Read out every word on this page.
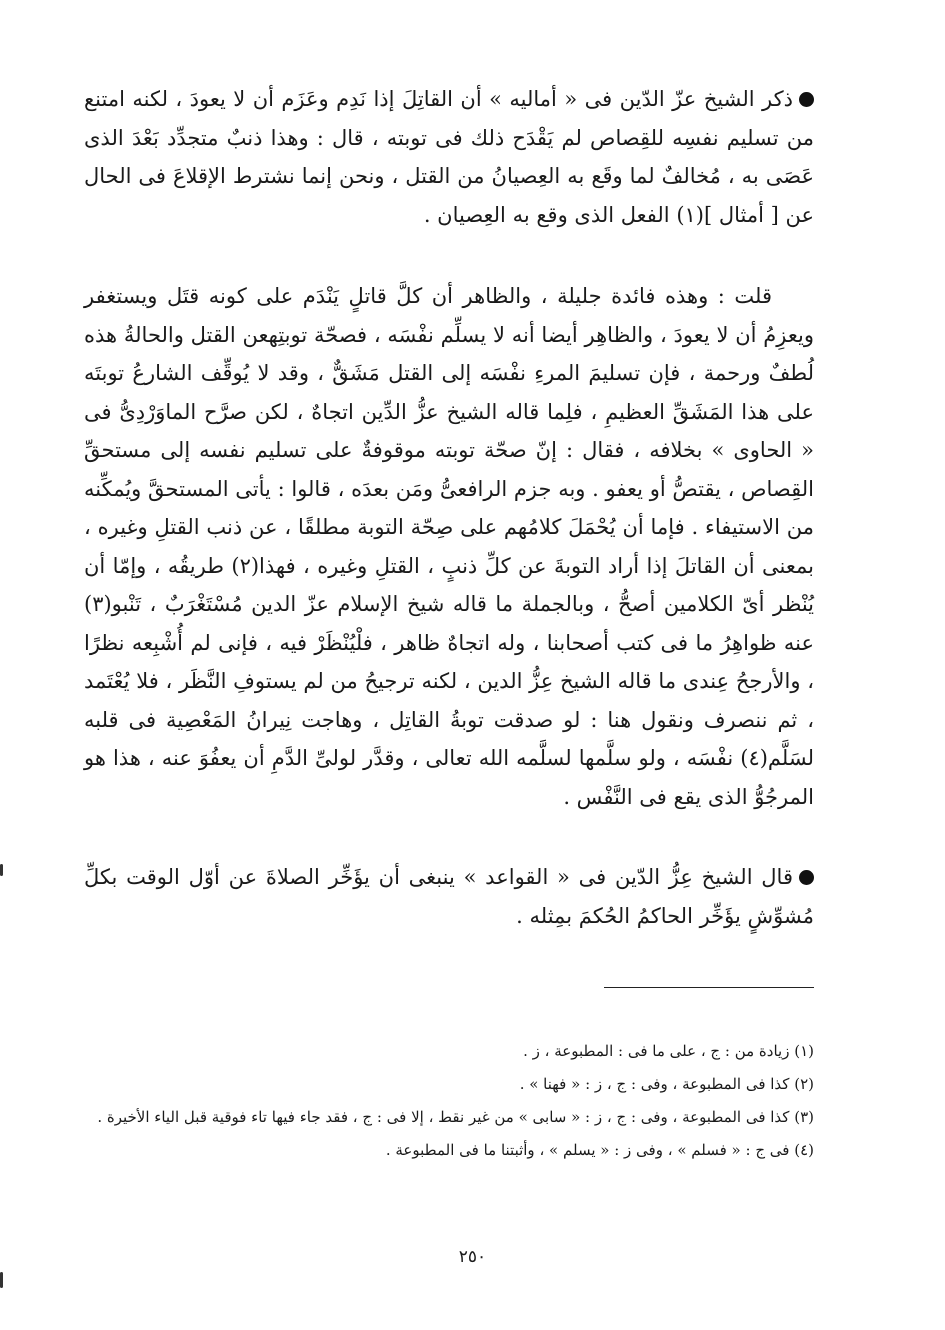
ذكر الشيخ عزّ الدّين فى « أماليه » أن القاتِلَ إذا نَدِم وعَزَم أن لا يعودَ ، لكنه امتنع من تسليم نفسِه للقِصاص لم يَقْدَح ذلك فى توبته ، قال : وهذا ذنبٌ متجدِّد بَعْدَ الذى عَصَى به ، مُخالفٌ لما وقَع به العِصيانُ من القتل ، ونحن إنما نشترط الإقلاعَ فى الحال عن [ أمثال ](١) الفعل الذى وقع به العِصيان .

قلت : وهذه فائدة جليلة ، والظاهر أن كلَّ قاتلٍ يَنْدَم على كونه قتَل ويستغفر ويعزِمُ أن لا يعودَ ، والظاهِر أيضا أنه لا يسلِّم نفْسَه ، فصحّة توبتِهعن القتل والحالةُ هذه لُطفٌ ورحمة ، فإن تسليمَ المرءِ نفْسَه إلى القتل مَشَقٌّ ، وقد لا يُوقِّف الشارعُ توبتَه على هذا المَشَقِّ العظيمِ ، فلِما قاله الشيخ عزُّ الدِّين اتجاهٌ ، لكن صرَّح الماوَرْدِىُّ فى « الحاوى » بخلافه ، فقال : إنّ صحّة توبته موقوفةٌ على تسليم نفسه إلى مستحقِّ القِصاص ، يقتصُّ أو يعفو . وبه جزم الرافعىُّ ومَن بعدَه ، قالوا : يأتى المستحقَّ ويُمكِّنه من الاستيفاء . فإما أن يُحْمَلَ كلامُهم على صِحّة التوبة مطلقًا ، عن ذنب القتلِ وغيره ، بمعنى أن القاتلَ إذا أراد التوبةَ عن كلِّ ذنبٍ ، القتلِ وغيره ، فهذا(٢) طريقُه ، وإمّا أن يُنْظر أىّ الكلامين أصحُّ ، وبالجملة ما قاله شيخ الإسلام عزّ الدين مُسْتَغْرَبٌ ، تَنْبو(٣) عنه ظواهِرُ ما فى كتب أصحابنا ، وله اتجاهٌ ظاهر ، فلْيُنْظَرْ فيه ، فإنى لم أُشْبِعه نظرًا ، والأرجحُ عِندى ما قاله الشيخ عِزُّ الدين ، لكنه ترجيحُ من لم يستوفِ النَّظَر ، فلا يُعْتَمد ، ثم ننصرف ونقول هنا : لو صدقت توبةُ القاتِل ، وهاجت نِيرانُ المَعْصِية فى قلبه لسَلَّم(٤) نفْسَه ، ولو سلَّمها لسلَّمه الله تعالى ، وقدَّر لولىِّ الدَّمِ أن يعفُوَ عنه ، هذا هو المرجُوُّ الذى يقع فى النَّفْس .

قال الشيخ عِزُّ الدّين فى « القواعد » ينبغى أن يؤَخِّر الصلاةَ عن أوّل الوقت بكلِّ مُشوِّشٍ يؤَخِّر الحاكمُ الحُكمَ بمِثله .

(١) زيادة من : ج ، على ما فى : المطبوعة ، ز .

(٢) كذا فى المطبوعة ، وفى : ج ، ز : « فهنا » .

(٣) كذا فى المطبوعة ، وفى : ج ، ز : « سابى » من غير نقط ، إلا فى : ج ، فقد جاء فيها تاء فوقية قبل الياء الأخيرة .

(٤) فى ج : « فسلم » ، وفى ز : « يسلم » ، وأثبتنا ما فى المطبوعة .

٢٥٠
